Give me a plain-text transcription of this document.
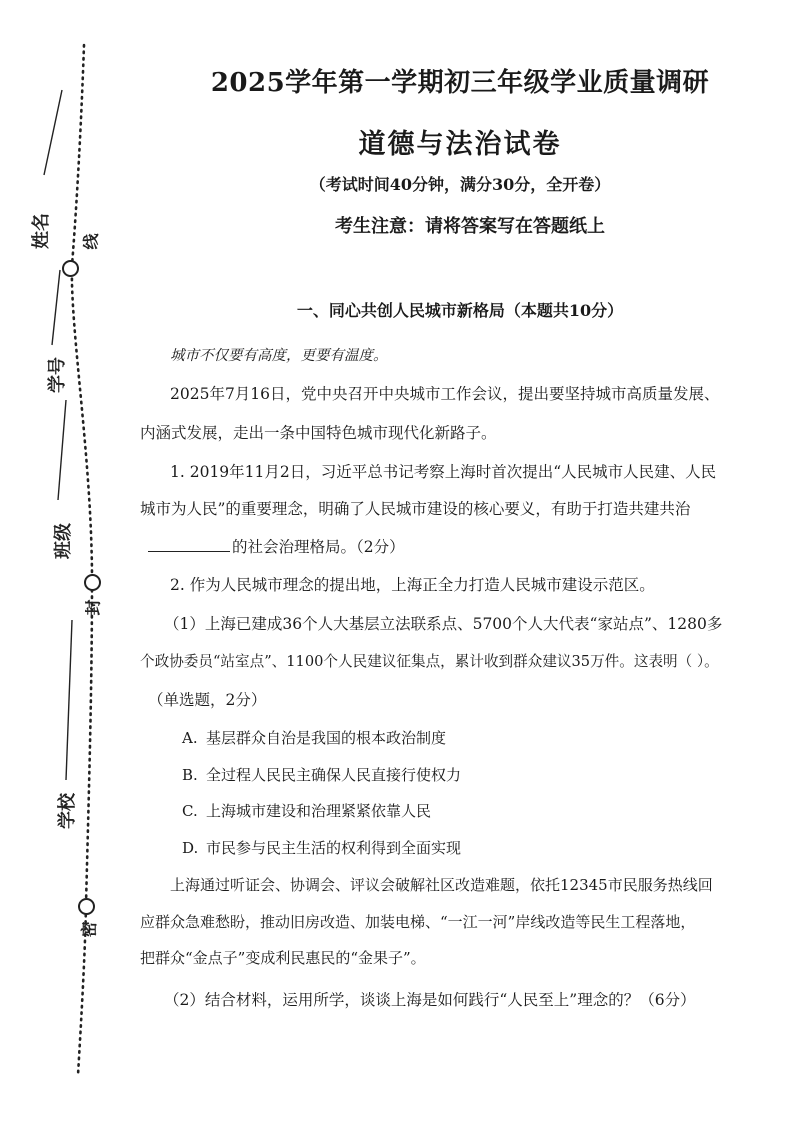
姓名
学号
班级
学校
线
封
密
2025学年第一学期初三年级学业质量调研
道德与法治试卷
（考试时间40分钟，满分30分，全开卷）
考生注意：请将答案写在答题纸上
一、同心共创人民城市新格局（本题共10分）
城市不仅要有高度，更要有温度。
2025年7月16日，党中央召开中央城市工作会议，提出要坚持城市高质量发展、
内涵式发展，走出一条中国特色城市现代化新路子。
1. 2019年11月2日，习近平总书记考察上海时首次提出“人民城市人民建、人民
城市为人民”的重要理念，明确了人民城市建设的核心要义，有助于打造共建共治
的社会治理格局。（2分）
2. 作为人民城市理念的提出地，上海正全力打造人民城市建设示范区。
（1）上海已建成36个人大基层立法联系点、5700个人大代表“家站点”、1280多
个政协委员“站室点”、1100个人民建议征集点，累计收到群众建议35万件。这表明（ ）。
（单选题，2分）
A. 基层群众自治是我国的根本政治制度
B. 全过程人民民主确保人民直接行使权力
C. 上海城市建设和治理紧紧依靠人民
D. 市民参与民主生活的权利得到全面实现
上海通过听证会、协调会、评议会破解社区改造难题，依托12345市民服务热线回
应群众急难愁盼，推动旧房改造、加装电梯、“一江一河”岸线改造等民生工程落地，
把群众“金点子”变成利民惠民的“金果子”。
（2）结合材料，运用所学，谈谈上海是如何践行“人民至上”理念的？（6分）
